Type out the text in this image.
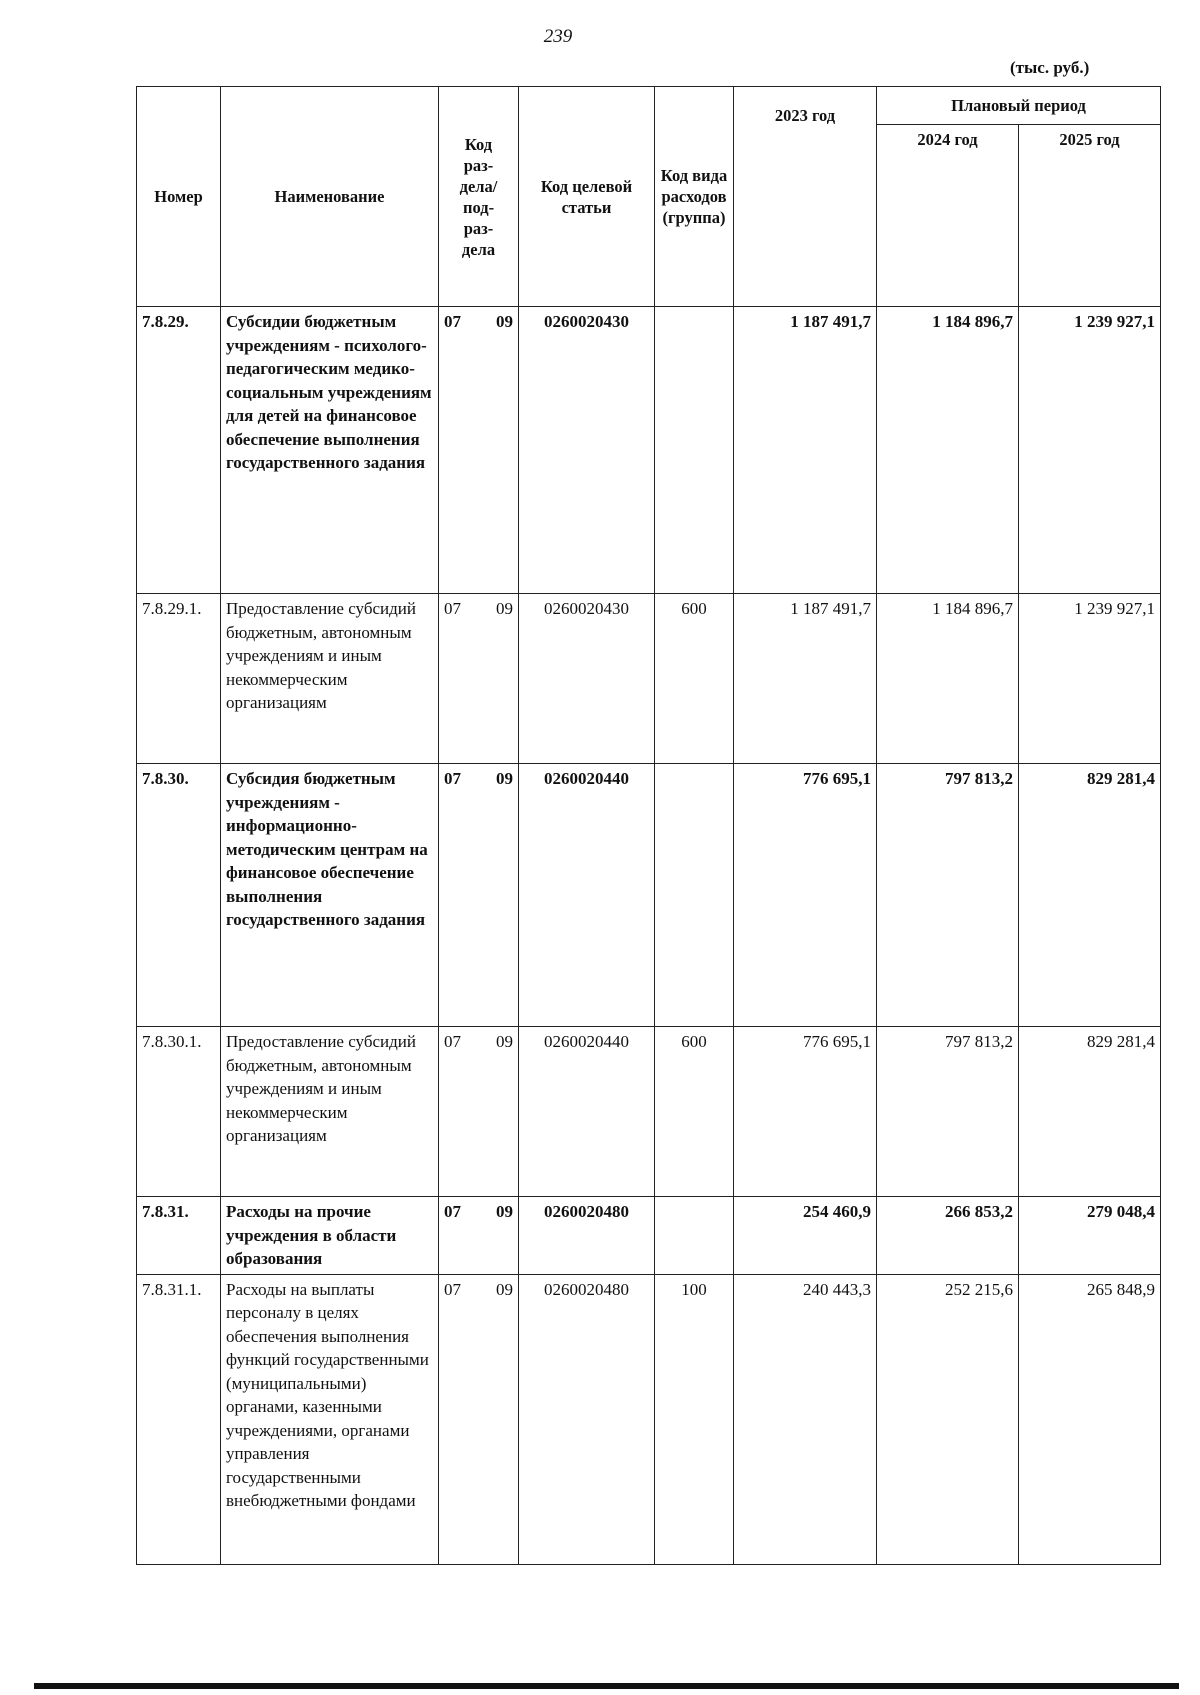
239
(тыс. руб.)
Номер	Наименование	Код раз-дела/ под-раз-дела	Код целевой статьи	Код вида расходов (группа)	2023 год	Плановый период	
						2024 год	2025 год
7.8.29.	Субсидии бюджетным учреждениям - психолого-педагогическим медико-социальным учреждениям для детей на финансовое обеспечение выполнения государственного задания	07 09	0260020430		1 187 491,7	1 184 896,7	1 239 927,1
7.8.29.1.	Предоставление субсидий бюджетным, автономным учреждениям и иным некоммерческим организациям	07 09	0260020430	600	1 187 491,7	1 184 896,7	1 239 927,1
7.8.30.	Субсидия бюджетным учреждениям - информационно-методическим центрам на финансовое обеспечение выполнения государственного задания	07 09	0260020440		776 695,1	797 813,2	829 281,4
7.8.30.1.	Предоставление субсидий бюджетным, автономным учреждениям и иным некоммерческим организациям	07 09	0260020440	600	776 695,1	797 813,2	829 281,4
7.8.31.	Расходы на прочие учреждения в области образования	07 09	0260020480		254 460,9	266 853,2	279 048,4
7.8.31.1.	Расходы на выплаты персоналу в целях обеспечения выполнения функций государственными (муниципальными) органами, казенными учреждениями, органами управления государственными внебюджетными фондами	07 09	0260020480	100	240 443,3	252 215,6	265 848,9
